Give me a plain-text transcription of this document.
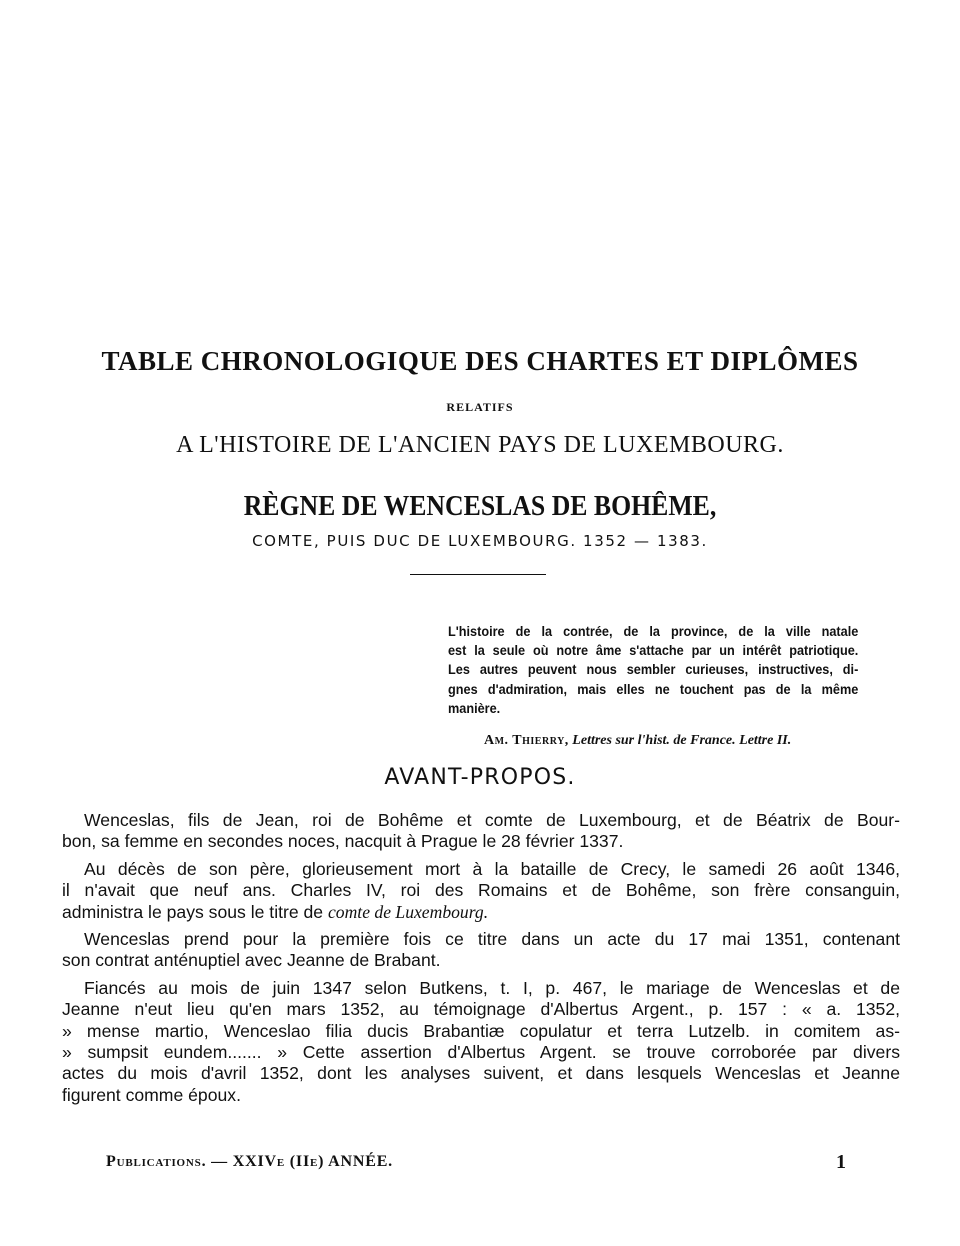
TABLE CHRONOLOGIQUE DES CHARTES ET DIPLÔMES
RELATIFS
A L'HISTOIRE DE L'ANCIEN PAYS DE LUXEMBOURG.
RÈGNE DE WENCESLAS DE BOHÊME,
COMTE, PUIS DUC DE LUXEMBOURG. 1352 — 1383.
L'histoire de la contrée, de la province, de la ville natale
est la seule où notre âme s'attache par un intérêt patriotique.
Les autres peuvent nous sembler curieuses, instructives, di-
gnes d'admiration, mais elles ne touchent pas de la même
manière.
Am. Thierry, Lettres sur l'hist. de France. Lettre II.
AVANT-PROPOS.
Wenceslas, fils de Jean, roi de Bohême et comte de Luxembourg, et de Béatrix de Bour-
bon, sa femme en secondes noces, nacquit à Prague le 28 février 1337.
Au décès de son père, glorieusement mort à la bataille de Crecy, le samedi 26 août 1346,
il n'avait que neuf ans. Charles IV, roi des Romains et de Bohême, son frère consanguin,
administra le pays sous le titre de comte de Luxembourg.
Wenceslas prend pour la première fois ce titre dans un acte du 17 mai 1351, contenant
son contrat anténuptiel avec Jeanne de Brabant.
Fiancés au mois de juin 1347 selon Butkens, t. I, p. 467, le mariage de Wenceslas et de
Jeanne n'eut lieu qu'en mars 1352, au témoignage d'Albertus Argent., p. 157 : « a. 1352,
» mense martio, Wenceslao filia ducis Brabantiæ copulatur et terra Lutzelb. in comitem as-
» sumpsit eundem....... » Cette assertion d'Albertus Argent. se trouve corroborée par divers
actes du mois d'avril 1352, dont les analyses suivent, et dans lesquels Wenceslas et Jeanne
figurent comme époux.
Publications. — XXIVe (IIe) ANNÉE.	1
